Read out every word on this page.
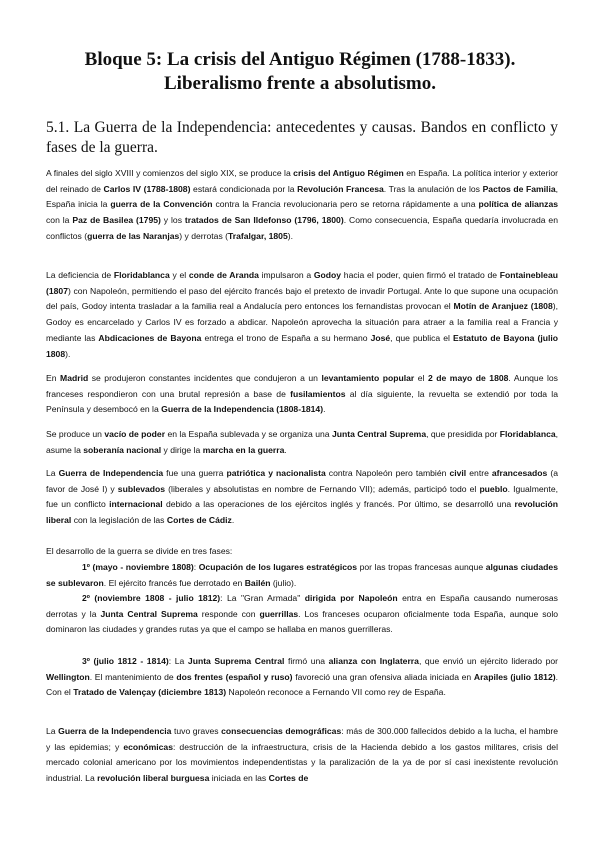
Bloque 5: La crisis del Antiguo Régimen (1788-1833).
Liberalismo frente a absolutismo.
5.1. La Guerra de la Independencia: antecedentes y causas. Bandos en conflicto y fases de la guerra.
A finales del siglo XVIII y comienzos del siglo XIX, se produce la crisis del Antiguo Régimen en España. La política interior y exterior del reinado de Carlos IV (1788-1808) estará condicionada por la Revolución Francesa. Tras la anulación de los Pactos de Familia, España inicia la guerra de la Convención contra la Francia revolucionaria pero se retorna rápidamente a una política de alianzas con la Paz de Basilea (1795) y los tratados de San Ildefonso (1796, 1800). Como consecuencia, España quedaría involucrada en conflictos (guerra de las Naranjas) y derrotas (Trafalgar, 1805).
La deficiencia de Floridablanca y el conde de Aranda impulsaron a Godoy hacia el poder, quien firmó el tratado de Fontainebleau (1807) con Napoleón, permitiendo el paso del ejército francés bajo el pretexto de invadir Portugal. Ante lo que supone una ocupación del país, Godoy intenta trasladar a la familia real a Andalucía pero entonces los fernandistas provocan el Motín de Aranjuez (1808), Godoy es encarcelado y Carlos IV es forzado a abdicar. Napoleón aprovecha la situación para atraer a la familia real a Francia y mediante las Abdicaciones de Bayona entrega el trono de España a su hermano José, que publica el Estatuto de Bayona (julio 1808).
En Madrid se produjeron constantes incidentes que condujeron a un levantamiento popular el 2 de mayo de 1808. Aunque los franceses respondieron con una brutal represión a base de fusilamientos al día siguiente, la revuelta se extendió por toda la Península y desembocó en la Guerra de la Independencia (1808-1814).
Se produce un vacío de poder en la España sublevada y se organiza una Junta Central Suprema, que presidida por Floridablanca, asume la soberanía nacional y dirige la marcha en la guerra.
La Guerra de Independencia fue una guerra patriótica y nacionalista contra Napoleón pero también civil entre afrancesados (a favor de José I) y sublevados (liberales y absolutistas en nombre de Fernando VII); además, participó todo el pueblo. Igualmente, fue un conflicto internacional debido a las operaciones de los ejércitos inglés y francés. Por último, se desarrolló una revolución liberal con la legislación de las Cortes de Cádiz.
El desarrollo de la guerra se divide en tres fases:
1º (mayo - noviembre 1808): Ocupación de los lugares estratégicos por las tropas francesas aunque algunas ciudades se sublevaron. El ejército francés fue derrotado en Bailén (julio).
2º (noviembre 1808 - julio 1812): La "Gran Armada" dirigida por Napoleón entra en España causando numerosas derrotas y la Junta Central Suprema responde con guerrillas. Los franceses ocuparon oficialmente toda España, aunque solo dominaron las ciudades y grandes rutas ya que el campo se hallaba en manos guerrilleras.
3º (julio 1812 - 1814): La Junta Suprema Central firmó una alianza con Inglaterra, que envió un ejército liderado por Wellington. El mantenimiento de dos frentes (español y ruso) favoreció una gran ofensiva aliada iniciada en Arapiles (julio 1812). Con el Tratado de Valençay (diciembre 1813) Napoleón reconoce a Fernando VII como rey de España.
La Guerra de la Independencia tuvo graves consecuencias demográficas: más de 300.000 fallecidos debido a la lucha, el hambre y las epidemias; y económicas: destrucción de la infraestructura, crisis de la Hacienda debido a los gastos militares, crisis del mercado colonial americano por los movimientos independentistas y la paralización de la ya de por sí casi inexistente revolución industrial. La revolución liberal burguesa iniciada en las Cortes de
